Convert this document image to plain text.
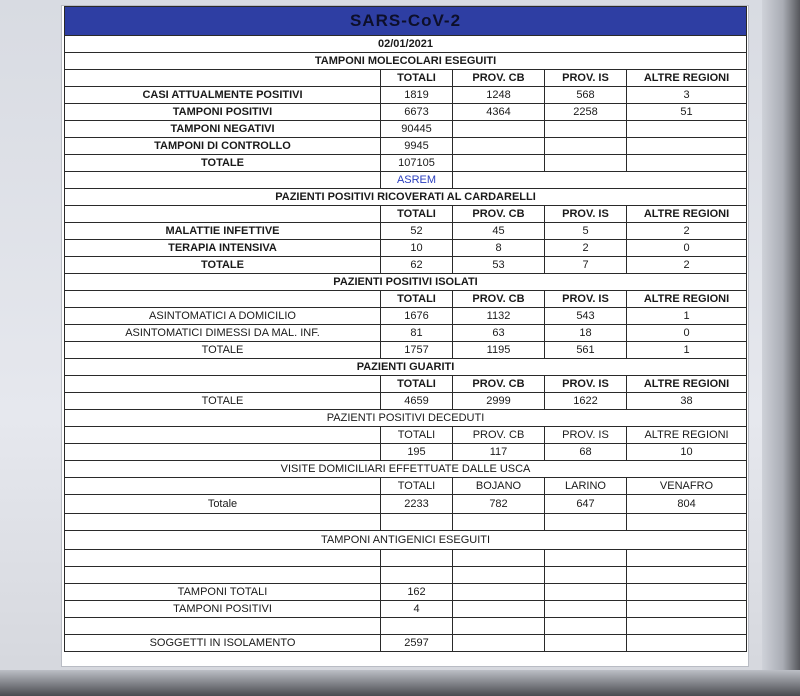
SARS-CoV-2				
02/01/2021				
TAMPONI MOLECOLARI ESEGUITI				
	TOTALI	PROV. CB	PROV. IS	ALTRE REGIONI
CASI ATTUALMENTE POSITIVI	1819	1248	568	3
TAMPONI POSITIVI	6673	4364	2258	51
TAMPONI NEGATIVI	90445			
TAMPONI DI CONTROLLO	9945			
TOTALE	107105			
	ASREM			
PAZIENTI POSITIVI RICOVERATI AL CARDARELLI				
	TOTALI	PROV. CB	PROV. IS	ALTRE REGIONI
MALATTIE INFETTIVE	52	45	5	2
TERAPIA INTENSIVA	10	8	2	0
TOTALE	62	53	7	2
PAZIENTI POSITIVI ISOLATI				
	TOTALI	PROV. CB	PROV. IS	ALTRE REGIONI
ASINTOMATICI A DOMICILIO	1676	1132	543	1
ASINTOMATICI DIMESSI DA MAL. INF.	81	63	18	0
TOTALE	1757	1195	561	1
PAZIENTI GUARITI				
	TOTALI	PROV. CB	PROV. IS	ALTRE REGIONI
TOTALE	4659	2999	1622	38
PAZIENTI POSITIVI DECEDUTI				
	TOTALI	PROV. CB	PROV. IS	ALTRE REGIONI
	195	117	68	10
VISITE DOMICILIARI EFFETTUATE DALLE USCA				
	TOTALI	BOJANO	LARINO	VENAFRO
Totale	2233	782	647	804

TAMPONI ANTIGENICI ESEGUITI				

TAMPONI TOTALI	162			
TAMPONI POSITIVI	4			

SOGGETTI IN ISOLAMENTO	2597			
